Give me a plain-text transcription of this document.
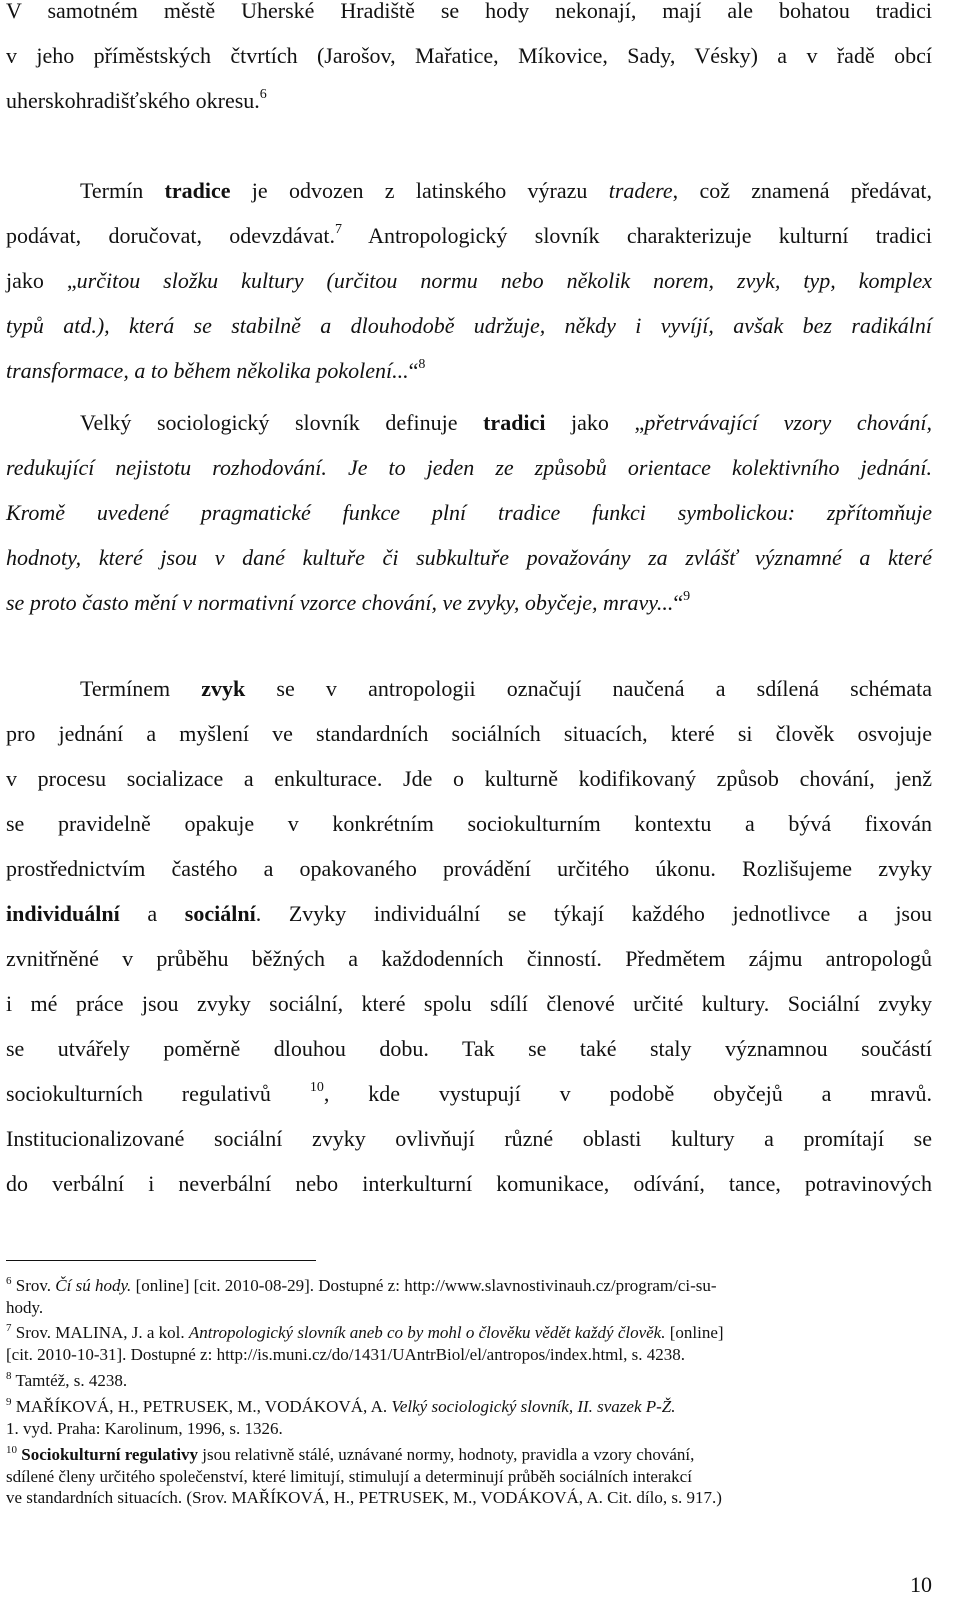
V samotném městě Uherské Hradiště se hody nekonají, mají ale bohatou tradici
v jeho příměstských čtvrtích (Jarošov, Mařatice, Míkovice, Sady, Vésky) a v řadě obcí
uherskohradišťského okresu.$^6$
Termín tradice je odvozen z latinského výrazu tradere, což znamená předávat,
podávat, doručovat, odevzdávat.$^7$ Antropologický slovník charakterizuje kulturní tradici
jako „určitou složku kultury (určitou normu nebo několik norem, zvyk, typ, komplex
typů atd.), která se stabilně a dlouhodobě udržuje, někdy i vyvíjí, avšak bez radikální
transformace, a to během několika pokolení...“$^8$
Velký sociologický slovník definuje tradici jako „přetrvávající vzory chování,
redukující nejistotu rozhodování. Je to jeden ze způsobů orientace kolektivního jednání.
Kromě uvedené pragmatické funkce plní tradice funkci symbolickou: zpřítomňuje
hodnoty, které jsou v dané kultuře či subkultuře považovány za zvlášť významné a které
se proto často mění v normativní vzorce chování, ve zvyky, obyčeje, mravy...“$^9$
Termínem zvyk se v antropologii označují naučená a sdílená schémata
pro jednání a myšlení ve standardních sociálních situacích, které si člověk osvojuje
v procesu socializace a enkulturace. Jde o kulturně kodifikovaný způsob chování, jenž
se pravidelně opakuje v konkrétním sociokulturním kontextu a bývá fixován
prostřednictvím častého a opakovaného provádění určitého úkonu. Rozlišujeme zvyky
individuální a sociální. Zvyky individuální se týkají každého jednotlivce a jsou
zvnitřněné v průběhu běžných a každodenních činností. Předmětem zájmu antropologů
i mé práce jsou zvyky sociální, které spolu sdílí členové určité kultury. Sociální zvyky
se utvářely poměrně dlouhou dobu. Tak se také staly významnou součástí
sociokulturních regulativů $^{10}$, kde vystupují v podobě obyčejů a mravů.
Institucionalizované sociální zvyky ovlivňují různé oblasti kultury a promítají se
do verbální i neverbální nebo interkulturní komunikace, odívání, tance, potravinových
$^6$ Srov. Čí sú hody. [online] [cit. 2010-08-29]. Dostupné z: http://www.slavnostivinauh.cz/program/ci-su-
hody.
$^7$ Srov. MALINA, J. a kol. Antropologický slovník aneb co by mohl o člověku vědět každý člověk. [online]
[cit. 2010-10-31]. Dostupné z: http://is.muni.cz/do/1431/UAntrBiol/el/antropos/index.html, s. 4238.
$^8$ Tamtéž, s. 4238.
$^9$ MAŘÍKOVÁ, H., PETRUSEK, M., VODÁKOVÁ, A. Velký sociologický slovník, II. svazek P-Ž.
1. vyd. Praha: Karolinum, 1996, s. 1326.
$^{10}$ Sociokulturní regulativy jsou relativně stálé, uznávané normy, hodnoty, pravidla a vzory chování,
sdílené členy určitého společenství, které limitují, stimulují a determinují průběh sociálních interakcí
ve standardních situacích. (Srov. MAŘÍKOVÁ, H., PETRUSEK, M., VODÁKOVÁ, A. Cit. dílo, s. 917.)
10
